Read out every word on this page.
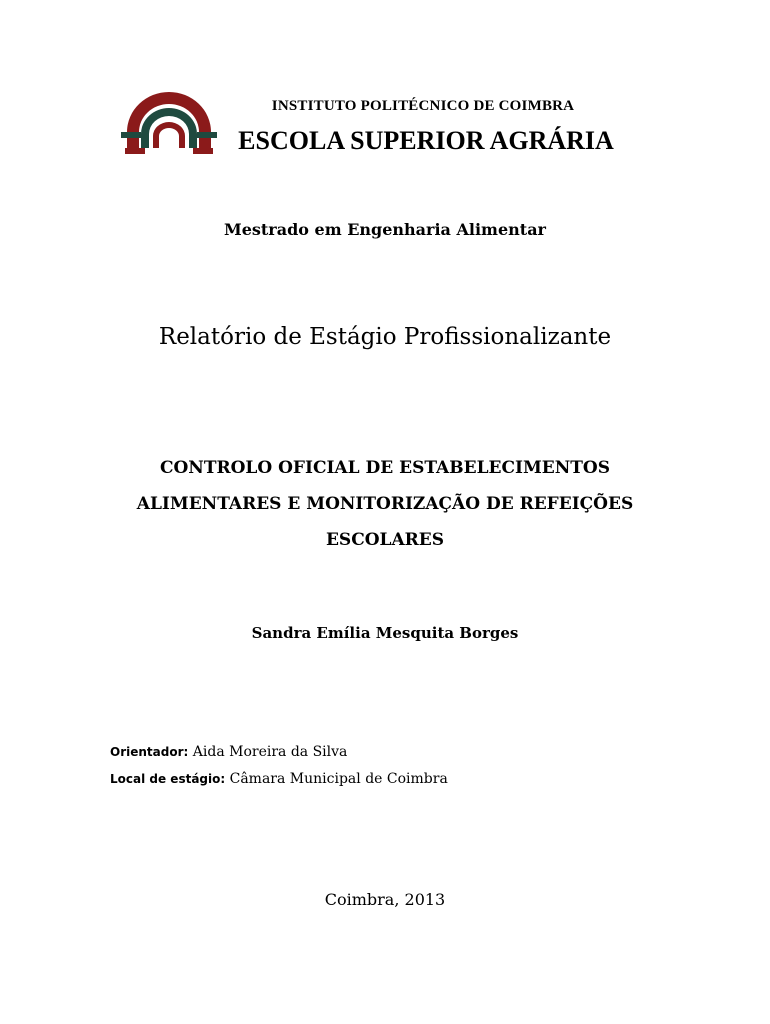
INSTITUTO POLITÉCNICO DE COIMBRA
ESCOLA SUPERIOR AGRÁRIA
Mestrado em Engenharia Alimentar
Relatório de Estágio Profissionalizante
CONTROLO OFICIAL DE ESTABELECIMENTOS
ALIMENTARES E MONITORIZAÇÃO DE REFEIÇÕES
ESCOLARES
Sandra Emília Mesquita Borges
Orientador: Aida Moreira da Silva
Local de estágio: Câmara Municipal de Coimbra
Coimbra, 2013
